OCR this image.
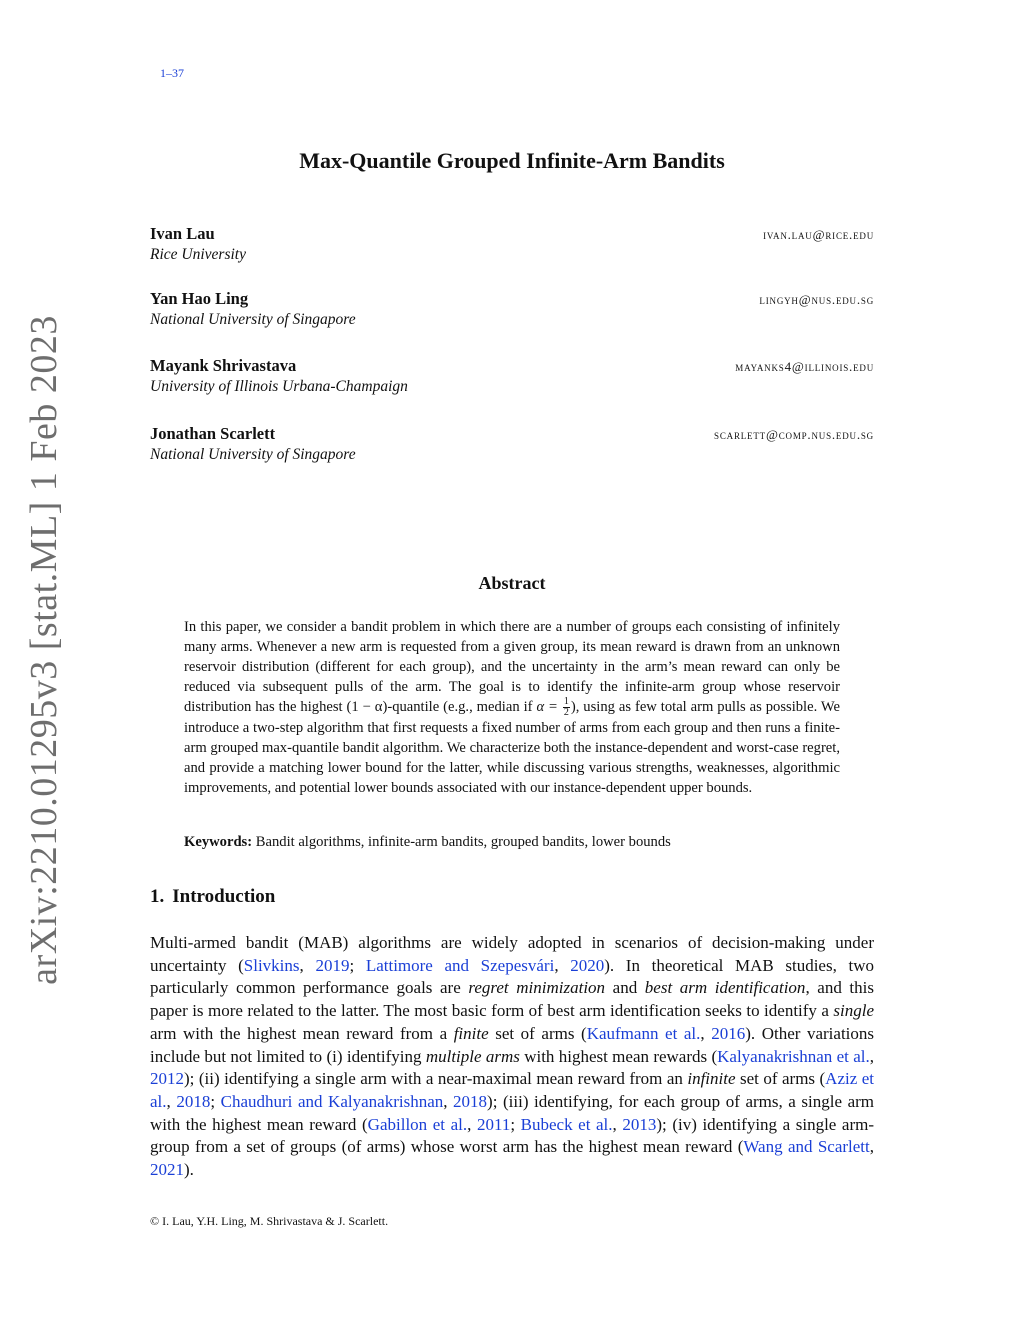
1–37
arXiv:2210.01295v3 [stat.ML] 1 Feb 2023
Max-Quantile Grouped Infinite-Arm Bandits
Ivan Lau	ivan.lau@rice.edu
Rice University
Yan Hao Ling	lingyh@nus.edu.sg
National University of Singapore
Mayank Shrivastava	mayanks4@illinois.edu
University of Illinois Urbana-Champaign
Jonathan Scarlett	scarlett@comp.nus.edu.sg
National University of Singapore
Abstract
In this paper, we consider a bandit problem in which there are a number of groups each consisting of infinitely many arms. Whenever a new arm is requested from a given group, its mean reward is drawn from an unknown reservoir distribution (different for each group), and the uncertainty in the arm’s mean reward can only be reduced via subsequent pulls of the arm. The goal is to identify the infinite-arm group whose reservoir distribution has the highest (1 − α)-quantile (e.g., median if $\alpha = \frac{1}{2}$ ), using as few total arm pulls as possible. We introduce a two-step algorithm that first requests a fixed number of arms from each group and then runs a finite-arm grouped max-quantile bandit algorithm. We characterize both the instance-dependent and worst-case regret, and provide a matching lower bound for the latter, while discussing various strengths, weaknesses, algorithmic improvements, and potential lower bounds associated with our instance-dependent upper bounds.
Keywords: Bandit algorithms, infinite-arm bandits, grouped bandits, lower bounds
1. Introduction
Multi-armed bandit (MAB) algorithms are widely adopted in scenarios of decision-making under uncertainty (Slivkins, 2019; Lattimore and Szepesvári, 2020). In theoretical MAB studies, two particularly common performance goals are regret minimization and best arm identification, and this paper is more related to the latter. The most basic form of best arm identification seeks to identify a single arm with the highest mean reward from a finite set of arms (Kaufmann et al., 2016). Other variations include but not limited to (i) identifying multiple arms with highest mean rewards (Kalyanakrishnan et al., 2012); (ii) identifying a single arm with a near-maximal mean reward from an infinite set of arms (Aziz et al., 2018; Chaudhuri and Kalyanakrishnan, 2018); (iii) identifying, for each group of arms, a single arm with the highest mean reward (Gabillon et al., 2011; Bubeck et al., 2013); (iv) identifying a single arm-group from a set of groups (of arms) whose worst arm has the highest mean reward (Wang and Scarlett, 2021).
© I. Lau, Y.H. Ling, M. Shrivastava & J. Scarlett.
